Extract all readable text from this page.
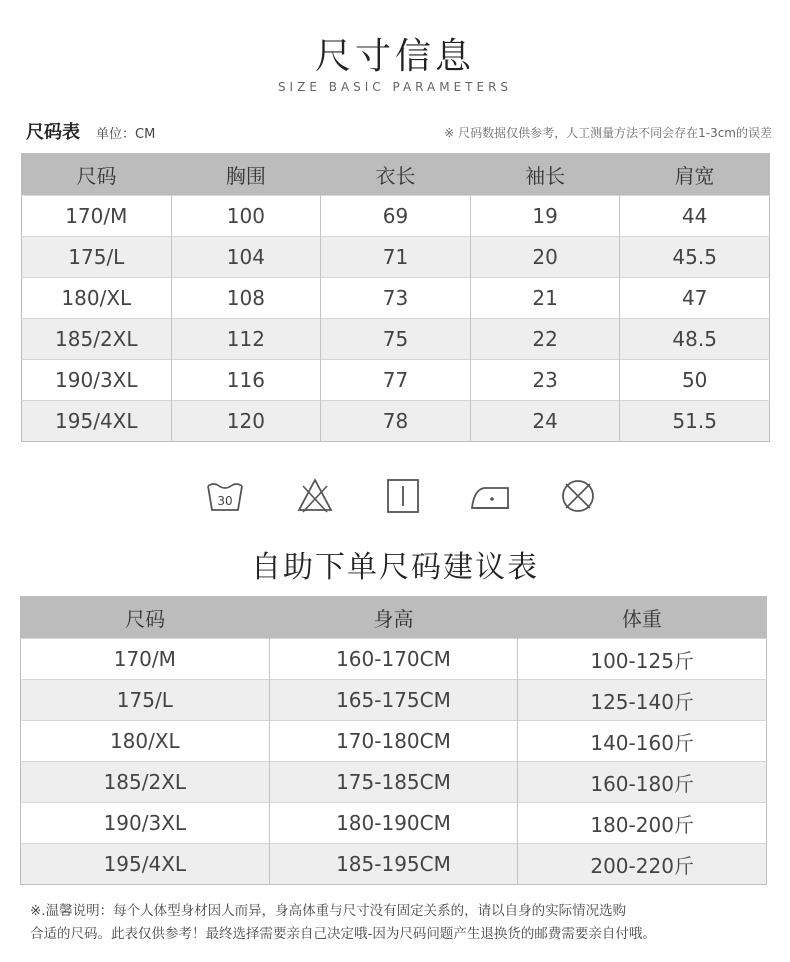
尺寸信息
SIZE BASIC PARAMETERS
尺码表 单位：CM	※ 尺码数据仅供参考，人工测量方法不同会存在1-3cm的误差
尺码	胸围	衣长	袖长	肩宽
170/M	100	69	19	44
175/L	104	71	20	45.5
180/XL	108	73	21	47
185/2XL	112	75	22	48.5
190/3XL	116	77	23	50
195/4XL	120	78	24	51.5
30
自助下单尺码建议表
尺码	身高	体重
170/M	160-170CM	100-125斤
175/L	165-175CM	125-140斤
180/XL	170-180CM	140-160斤
185/2XL	175-185CM	160-180斤
190/3XL	180-190CM	180-200斤
195/4XL	185-195CM	200-220斤
※.温馨说明：每个人体型身材因人而异，身高体重与尺寸没有固定关系的，请以自身的实际情况选购
合适的尺码。此表仅供参考！最终选择需要亲自己决定哦-因为尺码问题产生退换货的邮费需要亲自付哦。
